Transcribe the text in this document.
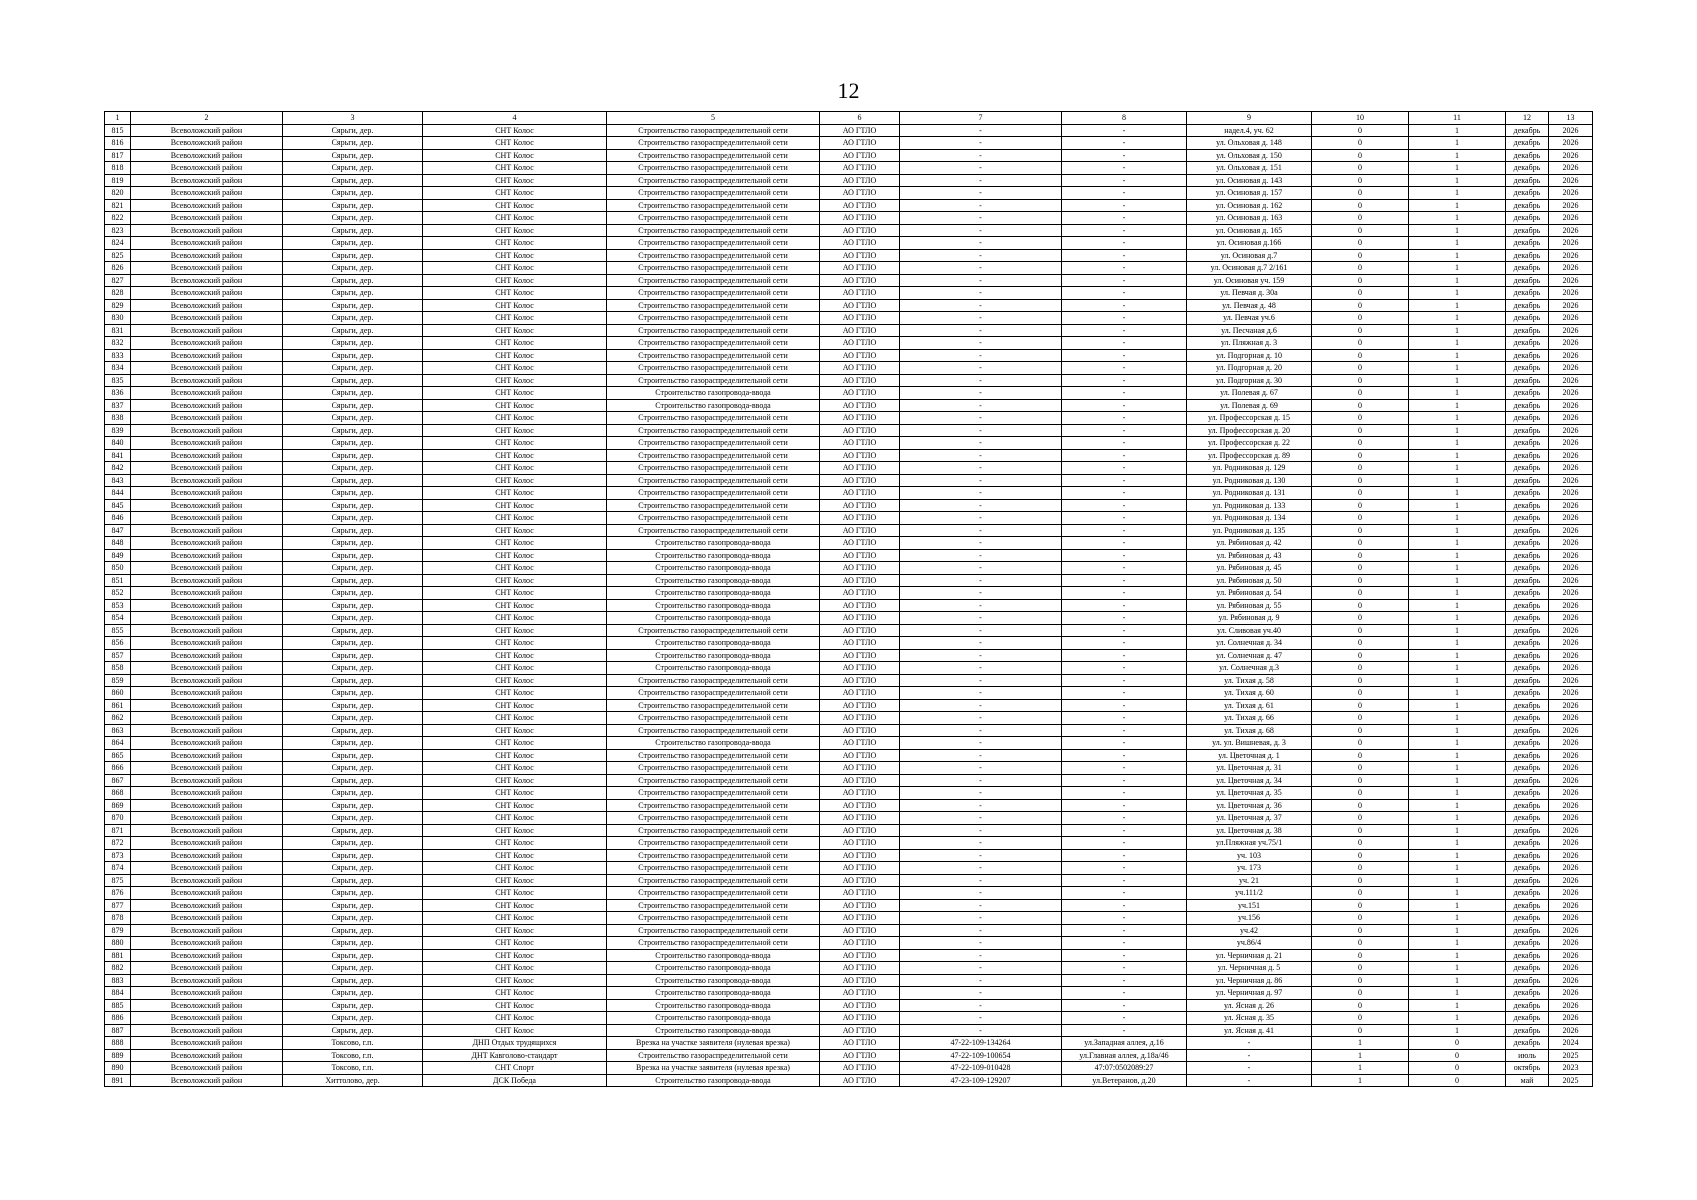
12
1	2	3	4	5	6	7	8	9	10	11	12	13
815	Всеволожский район	Сярьги, дер.	СНТ Колос	Строительство газораспределительной сети	АО ГТЛО	-	-	надел.4, уч. 62	0	1	декабрь	2026
816	Всеволожский район	Сярьги, дер.	СНТ Колос	Строительство газораспределительной сети	АО ГТЛО	-	-	ул. Ольховая д. 148	0	1	декабрь	2026
817	Всеволожский район	Сярьги, дер.	СНТ Колос	Строительство газораспределительной сети	АО ГТЛО	-	-	ул. Ольховая д. 150	0	1	декабрь	2026
818	Всеволожский район	Сярьги, дер.	СНТ Колос	Строительство газораспределительной сети	АО ГТЛО	-	-	ул. Ольховая д. 151	0	1	декабрь	2026
819	Всеволожский район	Сярьги, дер.	СНТ Колос	Строительство газораспределительной сети	АО ГТЛО	-	-	ул. Осиновая д. 143	0	1	декабрь	2026
820	Всеволожский район	Сярьги, дер.	СНТ Колос	Строительство газораспределительной сети	АО ГТЛО	-	-	ул. Осиновая д. 157	0	1	декабрь	2026
821	Всеволожский район	Сярьги, дер.	СНТ Колос	Строительство газораспределительной сети	АО ГТЛО	-	-	ул. Осиновая д. 162	0	1	декабрь	2026
822	Всеволожский район	Сярьги, дер.	СНТ Колос	Строительство газораспределительной сети	АО ГТЛО	-	-	ул. Осиновая д. 163	0	1	декабрь	2026
823	Всеволожский район	Сярьги, дер.	СНТ Колос	Строительство газораспределительной сети	АО ГТЛО	-	-	ул. Осиновая д. 165	0	1	декабрь	2026
824	Всеволожский район	Сярьги, дер.	СНТ Колос	Строительство газораспределительной сети	АО ГТЛО	-	-	ул. Осиновая д.166	0	1	декабрь	2026
825	Всеволожский район	Сярьги, дер.	СНТ Колос	Строительство газораспределительной сети	АО ГТЛО	-	-	ул. Осиновая д.7	0	1	декабрь	2026
826	Всеволожский район	Сярьги, дер.	СНТ Колос	Строительство газораспределительной сети	АО ГТЛО	-	-	ул. Осиновая д.7 2/161	0	1	декабрь	2026
827	Всеволожский район	Сярьги, дер.	СНТ Колос	Строительство газораспределительной сети	АО ГТЛО	-	-	ул. Осиновая уч. 159	0	1	декабрь	2026
828	Всеволожский район	Сярьги, дер.	СНТ Колос	Строительство газораспределительной сети	АО ГТЛО	-	-	ул. Певчая д. 30а	0	1	декабрь	2026
829	Всеволожский район	Сярьги, дер.	СНТ Колос	Строительство газораспределительной сети	АО ГТЛО	-	-	ул. Певчая д. 48	0	1	декабрь	2026
830	Всеволожский район	Сярьги, дер.	СНТ Колос	Строительство газораспределительной сети	АО ГТЛО	-	-	ул. Певчая уч.6	0	1	декабрь	2026
831	Всеволожский район	Сярьги, дер.	СНТ Колос	Строительство газораспределительной сети	АО ГТЛО	-	-	ул. Песчаная д.6	0	1	декабрь	2026
832	Всеволожский район	Сярьги, дер.	СНТ Колос	Строительство газораспределительной сети	АО ГТЛО	-	-	ул. Пляжная д. 3	0	1	декабрь	2026
833	Всеволожский район	Сярьги, дер.	СНТ Колос	Строительство газораспределительной сети	АО ГТЛО	-	-	ул. Подгорная д. 10	0	1	декабрь	2026
834	Всеволожский район	Сярьги, дер.	СНТ Колос	Строительство газораспределительной сети	АО ГТЛО	-	-	ул. Подгорная д. 20	0	1	декабрь	2026
835	Всеволожский район	Сярьги, дер.	СНТ Колос	Строительство газораспределительной сети	АО ГТЛО	-	-	ул. Подгорная д. 30	0	1	декабрь	2026
836	Всеволожский район	Сярьги, дер.	СНТ Колос	Строительство газопровода-ввода	АО ГТЛО	-	-	ул. Полевая д. 67	0	1	декабрь	2026
837	Всеволожский район	Сярьги, дер.	СНТ Колос	Строительство газопровода-ввода	АО ГТЛО	-	-	ул. Полевая д. 69	0	1	декабрь	2026
838	Всеволожский район	Сярьги, дер.	СНТ Колос	Строительство газораспределительной сети	АО ГТЛО	-	-	ул. Профессорская д. 15	0	1	декабрь	2026
839	Всеволожский район	Сярьги, дер.	СНТ Колос	Строительство газораспределительной сети	АО ГТЛО	-	-	ул. Профессорская д. 20	0	1	декабрь	2026
840	Всеволожский район	Сярьги, дер.	СНТ Колос	Строительство газораспределительной сети	АО ГТЛО	-	-	ул. Профессорская д. 22	0	1	декабрь	2026
841	Всеволожский район	Сярьги, дер.	СНТ Колос	Строительство газораспределительной сети	АО ГТЛО	-	-	ул. Профессорская д. 89	0	1	декабрь	2026
842	Всеволожский район	Сярьги, дер.	СНТ Колос	Строительство газораспределительной сети	АО ГТЛО	-	-	ул. Родниковая д. 129	0	1	декабрь	2026
843	Всеволожский район	Сярьги, дер.	СНТ Колос	Строительство газораспределительной сети	АО ГТЛО	-	-	ул. Родниковая д. 130	0	1	декабрь	2026
844	Всеволожский район	Сярьги, дер.	СНТ Колос	Строительство газораспределительной сети	АО ГТЛО	-	-	ул. Родниковая д. 131	0	1	декабрь	2026
845	Всеволожский район	Сярьги, дер.	СНТ Колос	Строительство газораспределительной сети	АО ГТЛО	-	-	ул. Родниковая д. 133	0	1	декабрь	2026
846	Всеволожский район	Сярьги, дер.	СНТ Колос	Строительство газораспределительной сети	АО ГТЛО	-	-	ул. Родниковая д. 134	0	1	декабрь	2026
847	Всеволожский район	Сярьги, дер.	СНТ Колос	Строительство газораспределительной сети	АО ГТЛО	-	-	ул. Родниковая д. 135	0	1	декабрь	2026
848	Всеволожский район	Сярьги, дер.	СНТ Колос	Строительство газопровода-ввода	АО ГТЛО	-	-	ул. Рябиновая д. 42	0	1	декабрь	2026
849	Всеволожский район	Сярьги, дер.	СНТ Колос	Строительство газопровода-ввода	АО ГТЛО	-	-	ул. Рябиновая д. 43	0	1	декабрь	2026
850	Всеволожский район	Сярьги, дер.	СНТ Колос	Строительство газопровода-ввода	АО ГТЛО	-	-	ул. Рябиновая д. 45	0	1	декабрь	2026
851	Всеволожский район	Сярьги, дер.	СНТ Колос	Строительство газопровода-ввода	АО ГТЛО	-	-	ул. Рябиновая д. 50	0	1	декабрь	2026
852	Всеволожский район	Сярьги, дер.	СНТ Колос	Строительство газопровода-ввода	АО ГТЛО	-	-	ул. Рябиновая д. 54	0	1	декабрь	2026
853	Всеволожский район	Сярьги, дер.	СНТ Колос	Строительство газопровода-ввода	АО ГТЛО	-	-	ул. Рябиновая д. 55	0	1	декабрь	2026
854	Всеволожский район	Сярьги, дер.	СНТ Колос	Строительство газопровода-ввода	АО ГТЛО	-	-	ул. Рябиновая д. 9	0	1	декабрь	2026
855	Всеволожский район	Сярьги, дер.	СНТ Колос	Строительство газораспределительной сети	АО ГТЛО	-	-	ул. Сливовая уч.40	0	1	декабрь	2026
856	Всеволожский район	Сярьги, дер.	СНТ Колос	Строительство газопровода-ввода	АО ГТЛО	-	-	ул. Солнечная д. 34	0	1	декабрь	2026
857	Всеволожский район	Сярьги, дер.	СНТ Колос	Строительство газопровода-ввода	АО ГТЛО	-	-	ул. Солнечная д. 47	0	1	декабрь	2026
858	Всеволожский район	Сярьги, дер.	СНТ Колос	Строительство газопровода-ввода	АО ГТЛО	-	-	ул. Солнечная д.3	0	1	декабрь	2026
859	Всеволожский район	Сярьги, дер.	СНТ Колос	Строительство газораспределительной сети	АО ГТЛО	-	-	ул. Тихая д. 58	0	1	декабрь	2026
860	Всеволожский район	Сярьги, дер.	СНТ Колос	Строительство газораспределительной сети	АО ГТЛО	-	-	ул. Тихая д. 60	0	1	декабрь	2026
861	Всеволожский район	Сярьги, дер.	СНТ Колос	Строительство газораспределительной сети	АО ГТЛО	-	-	ул. Тихая д. 61	0	1	декабрь	2026
862	Всеволожский район	Сярьги, дер.	СНТ Колос	Строительство газораспределительной сети	АО ГТЛО	-	-	ул. Тихая д. 66	0	1	декабрь	2026
863	Всеволожский район	Сярьги, дер.	СНТ Колос	Строительство газораспределительной сети	АО ГТЛО	-	-	ул. Тихая д. 68	0	1	декабрь	2026
864	Всеволожский район	Сярьги, дер.	СНТ Колос	Строительство газопровода-ввода	АО ГТЛО	-	-	ул. ул. Вишневая, д. 3	0	1	декабрь	2026
865	Всеволожский район	Сярьги, дер.	СНТ Колос	Строительство газораспределительной сети	АО ГТЛО	-	-	ул. Цветочная д. 1	0	1	декабрь	2026
866	Всеволожский район	Сярьги, дер.	СНТ Колос	Строительство газораспределительной сети	АО ГТЛО	-	-	ул. Цветочная д. 31	0	1	декабрь	2026
867	Всеволожский район	Сярьги, дер.	СНТ Колос	Строительство газораспределительной сети	АО ГТЛО	-	-	ул. Цветочная д. 34	0	1	декабрь	2026
868	Всеволожский район	Сярьги, дер.	СНТ Колос	Строительство газораспределительной сети	АО ГТЛО	-	-	ул. Цветочная д. 35	0	1	декабрь	2026
869	Всеволожский район	Сярьги, дер.	СНТ Колос	Строительство газораспределительной сети	АО ГТЛО	-	-	ул. Цветочная д. 36	0	1	декабрь	2026
870	Всеволожский район	Сярьги, дер.	СНТ Колос	Строительство газораспределительной сети	АО ГТЛО	-	-	ул. Цветочная д. 37	0	1	декабрь	2026
871	Всеволожский район	Сярьги, дер.	СНТ Колос	Строительство газораспределительной сети	АО ГТЛО	-	-	ул. Цветочная д. 38	0	1	декабрь	2026
872	Всеволожский район	Сярьги, дер.	СНТ Колос	Строительство газораспределительной сети	АО ГТЛО	-	-	ул.Пляжная уч.75/1	0	1	декабрь	2026
873	Всеволожский район	Сярьги, дер.	СНТ Колос	Строительство газораспределительной сети	АО ГТЛО	-	-	уч. 103	0	1	декабрь	2026
874	Всеволожский район	Сярьги, дер.	СНТ Колос	Строительство газораспределительной сети	АО ГТЛО	-	-	уч. 173	0	1	декабрь	2026
875	Всеволожский район	Сярьги, дер.	СНТ Колос	Строительство газораспределительной сети	АО ГТЛО	-	-	уч. 21	0	1	декабрь	2026
876	Всеволожский район	Сярьги, дер.	СНТ Колос	Строительство газораспределительной сети	АО ГТЛО	-	-	уч.111/2	0	1	декабрь	2026
877	Всеволожский район	Сярьги, дер.	СНТ Колос	Строительство газораспределительной сети	АО ГТЛО	-	-	уч.151	0	1	декабрь	2026
878	Всеволожский район	Сярьги, дер.	СНТ Колос	Строительство газораспределительной сети	АО ГТЛО	-	-	уч.156	0	1	декабрь	2026
879	Всеволожский район	Сярьги, дер.	СНТ Колос	Строительство газораспределительной сети	АО ГТЛО	-	-	уч.42	0	1	декабрь	2026
880	Всеволожский район	Сярьги, дер.	СНТ Колос	Строительство газораспределительной сети	АО ГТЛО	-	-	уч.86/4	0	1	декабрь	2026
881	Всеволожский район	Сярьги, дер.	СНТ Колос	Строительство газопровода-ввода	АО ГТЛО	-	-	ул. Черничная д. 21	0	1	декабрь	2026
882	Всеволожский район	Сярьги, дер.	СНТ Колос	Строительство газопровода-ввода	АО ГТЛО	-	-	ул. Черничная д. 5	0	1	декабрь	2026
883	Всеволожский район	Сярьги, дер.	СНТ Колос	Строительство газопровода-ввода	АО ГТЛО	-	-	ул. Черничная д. 86	0	1	декабрь	2026
884	Всеволожский район	Сярьги, дер.	СНТ Колос	Строительство газопровода-ввода	АО ГТЛО	-	-	ул. Черничная д. 97	0	1	декабрь	2026
885	Всеволожский район	Сярьги, дер.	СНТ Колос	Строительство газопровода-ввода	АО ГТЛО	-	-	ул. Ясная д. 26	0	1	декабрь	2026
886	Всеволожский район	Сярьги, дер.	СНТ Колос	Строительство газопровода-ввода	АО ГТЛО	-	-	ул. Ясная д. 35	0	1	декабрь	2026
887	Всеволожский район	Сярьги, дер.	СНТ Колос	Строительство газопровода-ввода	АО ГТЛО	-	-	ул. Ясная д. 41	0	1	декабрь	2026
888	Всеволожский район	Токсово, г.п.	ДНП Отдых трудящихся	Врезка на участке заявителя (нулевая врезка)	АО ГТЛО	47-22-109-134264	ул.Западная аллея, д.16	-	1	0	декабрь	2024
889	Всеволожский район	Токсово, г.п.	ДНТ Кавголово-стандарт	Строительство газораспределительной сети	АО ГТЛО	47-22-109-100654	ул.Главная аллея, д.18а/46	-	1	0	июль	2025
890	Всеволожский район	Токсово, г.п.	СНТ Спорт	Врезка на участке заявителя (нулевая врезка)	АО ГТЛО	47-22-109-010428	47:07:0502089:27	-	1	0	октябрь	2023
891	Всеволожский район	Хиттолово, дер.	ДСК Победа	Строительство газопровода-ввода	АО ГТЛО	47-23-109-129207	ул.Ветеранов, д.20	-	1	0	май	2025
